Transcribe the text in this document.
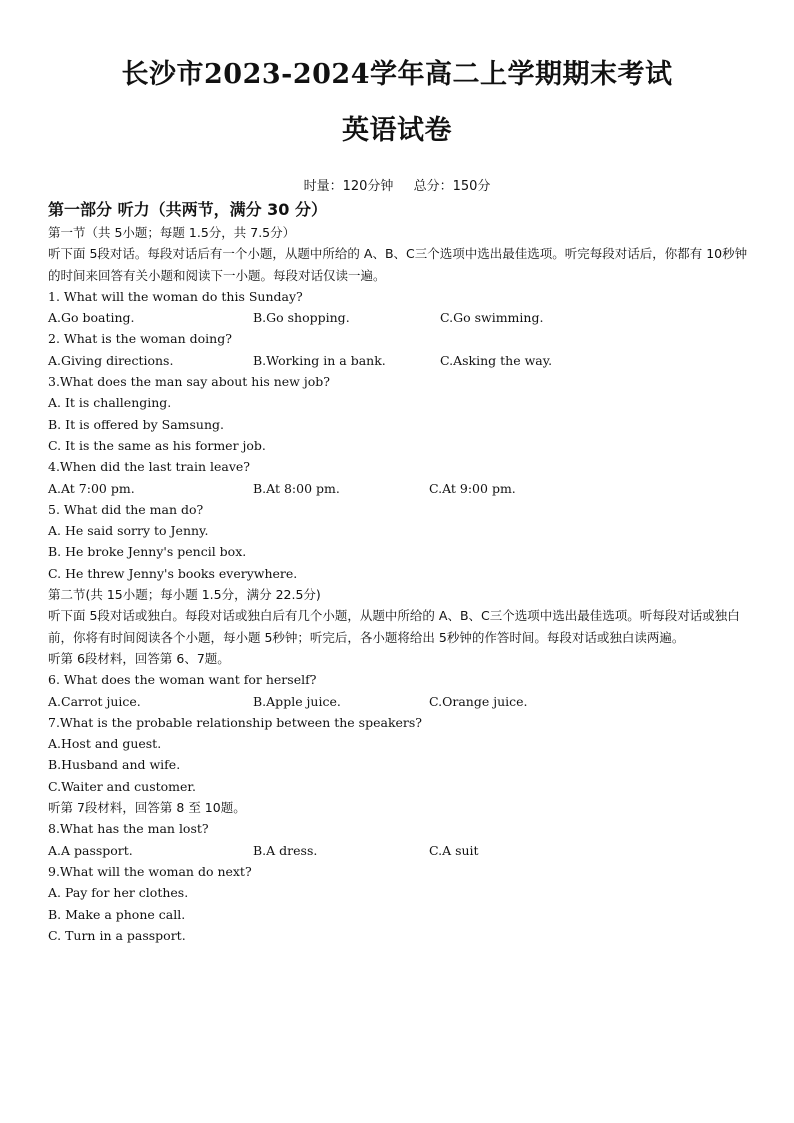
长沙市2023-2024学年高二上学期期末考试
英语试卷
时量：120分钟 总分：150分
第一部分 听力（共两节，满分 30 分）
第一节（共 5小题；每题 1.5分，共 7.5分）
听下面 5段对话。每段对话后有一个小题，从题中所给的 A、B、C三个选项中选出最佳选项。听完每段对话后，你都有 10秒钟的时间来回答有关小题和阅读下一小题。每段对话仅读一遍。
1. What will the woman do this Sunday?
A.Go boating.	B.Go shopping.	C.Go swimming.
2. What is the woman doing?
A.Giving directions.	B.Working in a bank.	C.Asking the way.
3.What does the man say about his new job?
A. It is challenging.
B. It is offered by Samsung.
C. It is the same as his former job.
4.When did the last train leave?
A.At 7:00 pm.	B.At 8:00 pm.	C.At 9:00 pm.
5. What did the man do?
A. He said sorry to Jenny.
B. He broke Jenny's pencil box.
C. He threw Jenny's books everywhere.
第二节(共 15小题；每小题 1.5分，满分 22.5分)
听下面 5段对话或独白。每段对话或独白后有几个小题，从题中所给的 A、B、C三个选项中选出最佳选项。听每段对话或独白前，你将有时间阅读各个小题，每小题 5秒钟；听完后，各小题将给出 5秒钟的作答时间。每段对话或独白读两遍。
听第 6段材料，回答第 6、7题。
6. What does the woman want for herself?
A.Carrot juice.	B.Apple juice.	C.Orange juice.
7.What is the probable relationship between the speakers?
A.Host and guest.
B.Husband and wife.
C.Waiter and customer.
听第 7段材料，回答第 8 至 10题。
8.What has the man lost?
A.A passport.	B.A dress.	C.A suit
9.What will the woman do next?
A. Pay for her clothes.
B. Make a phone call.
C. Turn in a passport.
